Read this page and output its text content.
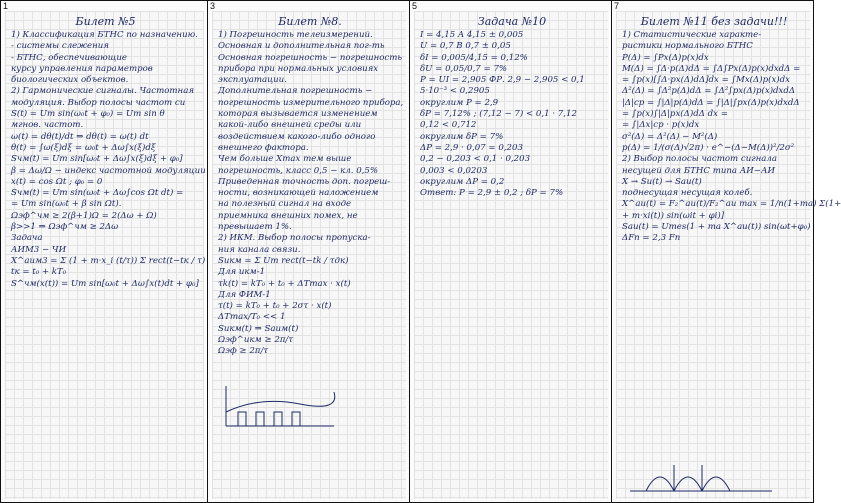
1
Билет №5
1) Классификация БТНС по назначению.
- системы слежения
- БТНС, обеспечивающие
курсу управления параметров
биологических объектов.
2) Гармонические сигналы. Частотная
модуляция. Выбор полосы частот си
S(t) = Um sin(ω₀t + φ₀) = Um sin θ
мгнов. частот.
ω(t) = dθ(t)/dt ⇒ dθ(t) = ω(t) dt
θ(t) = ∫ω(ξ)dξ = ω₀t + Δω∫x(ξ)dξ
Sчм(t) = Um sin[ω₀t + Δω∫x(ξ)dξ + φ₀]
β = Δω/Ω − индекс частотной модуляции
x(t) = cos Ωt ; φ₀ = 0
Sчм(t) = Um sin(ω₀t + Δω∫cos Ωt dt) =
= Um sin(ω₀t + β sin Ωt).
Ωэф^чм ≥ 2(β+1)Ω = 2(Δω + Ω)
β>>1 ⇒ Ωэф^чм ≥ 2Δω
Задача
АИМ3 − ЧИ
X^аим3 = Σ (1 + m·x_i (t/τ)) Σ rect(t−tк / τ)
tк = t₀ + kT₀
S^чм(x(t)) = Um sin[ω₀t + Δω∫x(t)dt + φ₀]
3
Билет №8.
1) Погрешность телеизмерений.
Основная и дополнительная пог-ть
Основная погрешность − погрешность
прибора при нормальных условиях
эксплуатации.
Дополнительная погрешность −
погрешность измерительного прибора,
которая вызывается изменением
какой-либо внешней среды или
воздействием какого-либо одного
внешнего фактора.
Чем больше Xmax тем выше
погрешность, класс 0,5 − кл. 0,5%
Приведенная точность доп. погреш-
ности, возникающей наложением
на полезный сигнал на входе
приемника внешних помех, не
превышает 1%.
2) ИКМ. Выбор полосы пропуска-
ния канала связи.
Sикм = Σ Um rect(t−tk / τдк)
Для икм-1
τk(t) = kT₀ + t₀ + ΔTmax · x(t)
Для ФИМ-1
τ(t) = kT₀ + t₀ + 2στ · x(t)
ΔTmax/T₀ << 1
Sикм(t) ⇒ Sаим(t)
Ωэф^икм ≥ 2π/τ
Ωэф ≥ 2π/τ
5
Задача №10
I = 4,15 A 4,15 ± 0,005
U = 0,7 B 0,7 ± 0,05
δI = 0,005/4,15 = 0,12%
δU = 0,05/0,7 = 7%
P = UI = 2,905 ФР. 2,9 − 2,905 < 0,1
5·10⁻³ < 0,2905
округлим P = 2,9
δP = 7,12% ; (7,12 − 7) < 0,1 · 7,12
0,12 < 0,712
округлим δP = 7%
ΔP = 2,9 · 0,07 = 0,203
0,2 − 0,203 < 0,1 · 0,203
0,003 < 0,0203
округлим ΔP = 0,2
Ответ: P = 2,9 ± 0,2 ; δP = 7%
7
Билет №11 без задачи!!!
1) Статистические характе-
ристики нормального БТНС
P(Δ) = ∫Px(Δ)p(x)dx
M(Δ) = ∫Δ·p(Δ)dΔ = ∫Δ∫Px(Δ)p(x)dxdΔ =
= ∫p(x)[∫Δ·px(Δ)dΔ]dx = ∫Mx(Δ)p(x)dx
Δ²(Δ) = ∫Δ²p(Δ)dΔ = ∫Δ²∫px(Δ)p(x)dxdΔ
|Δ|ср = ∫|Δ|p(Δ)dΔ = ∫|Δ|∫px(Δ)p(x)dxdΔ
= ∫p(x)∫|Δ|px(Δ)dΔ dx =
= ∫|Δx|cp · p(x)dx
σ²(Δ) = Δ²(Δ) − M²(Δ)
p(Δ) = 1/(σ(Δ)√2π) · e^−(Δ−M(Δ))²/2σ²
2) Выбор полосы частот сигнала
несущей для БТНС типа АИ−АИ
X → Sи(t) → Sаи(t)
поднесущая несущая колеб.
X^аи(t) = F₂^аи(t)/F₂^аи max = 1/n(1+ma) Σ(1+
+ m·xi(t)) sin(ωit + φi)]
Sаи(t) = Umes(1 + ma X^аи(t)) sin(ωt+φ₀)
ΔFn = 2,3 Fn
